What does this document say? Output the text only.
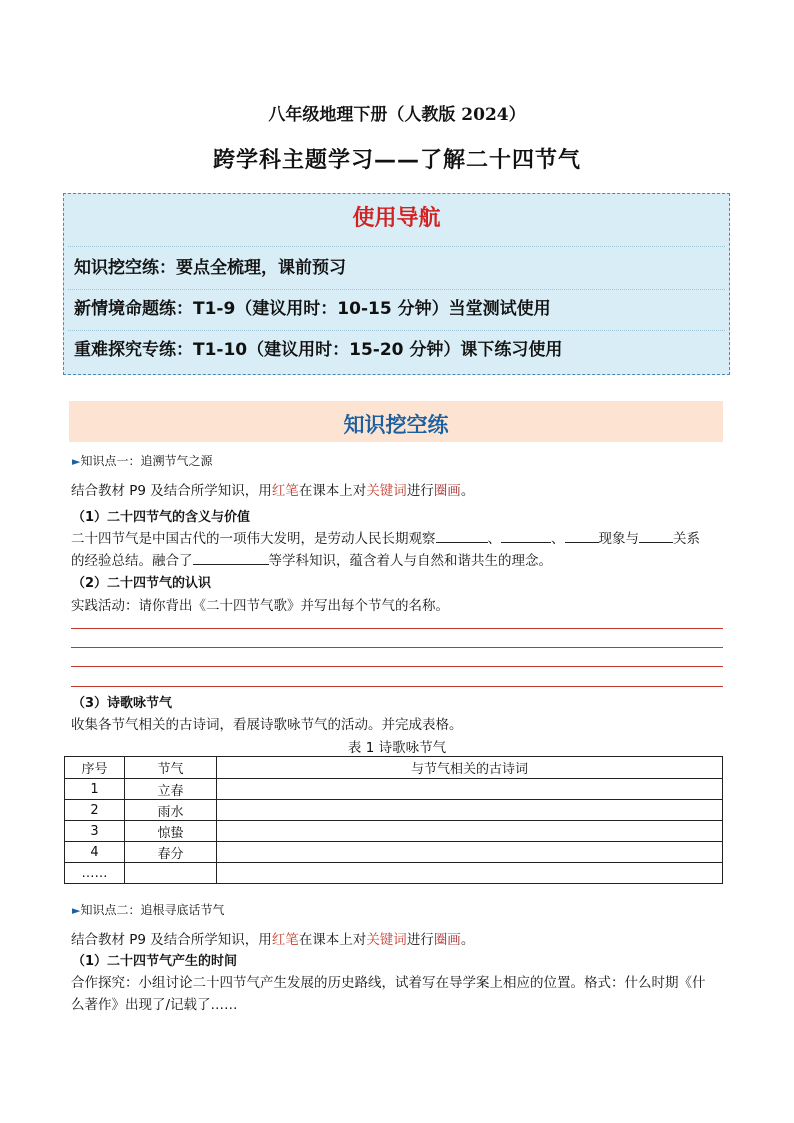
八年级地理下册（人教版 2024）
跨学科主题学习——了解二十四节气
使用导航
知识挖空练：要点全梳理，课前预习
新情境命题练：T1-9（建议用时：10-15 分钟）当堂测试使用
重难探究专练：T1-10（建议用时：15-20 分钟）课下练习使用
知识挖空练
►知识点一：追溯节气之源
结合教材 P9 及结合所学知识，用红笔在课本上对关键词进行圈画。
（1）二十四节气的含义与价值
二十四节气是中国古代的一项伟大发明，是劳动人民长期观察	、	、	现象与	关系
的经验总结。融合了	等学科知识，蕴含着人与自然和谐共生的理念。
（2）二十四节气的认识
实践活动：请你背出《二十四节气歌》并写出每个节气的名称。
（3）诗歌咏节气
收集各节气相关的古诗词，看展诗歌咏节气的活动。并完成表格。
表 1 诗歌咏节气
序号	节气	与节气相关的古诗词
1	立春	
2	雨水	
3	惊蛰	
4	春分	
……		
►知识点二：追根寻底话节气
结合教材 P9 及结合所学知识，用红笔在课本上对关键词进行圈画。
（1）二十四节气产生的时间
合作探究：小组讨论二十四节气产生发展的历史路线，试着写在导学案上相应的位置。格式：什么时期《什
么著作》出现了/记载了……
